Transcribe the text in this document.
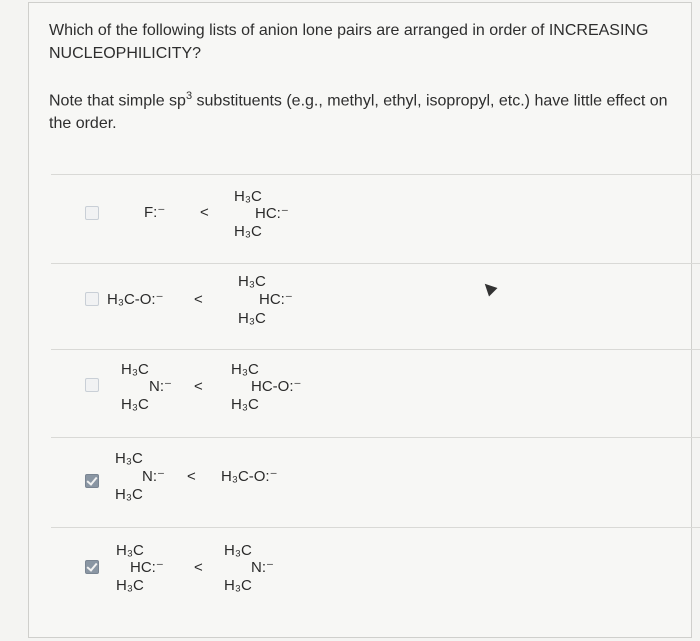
Which of the following lists of anion lone pairs are arranged in order of INCREASING NUCLEOPHILICITY?
Note that simple $sp^3$ substituents (e.g., methyl, ethyl, isopropyl, etc.) have little effect on the order.
F:⁻ <
H₃C
HC:⁻
H₃C
H₃C-O:⁻ <
H₃C
HC:⁻
H₃C
H₃C
N:⁻
H₃C
<
H₃C
HC-O:⁻
H₃C
H₃C
N:⁻
H₃C
< H₃C-O:⁻
H₃C
HC:⁻
H₃C
<
H₃C
N:⁻
H₃C
